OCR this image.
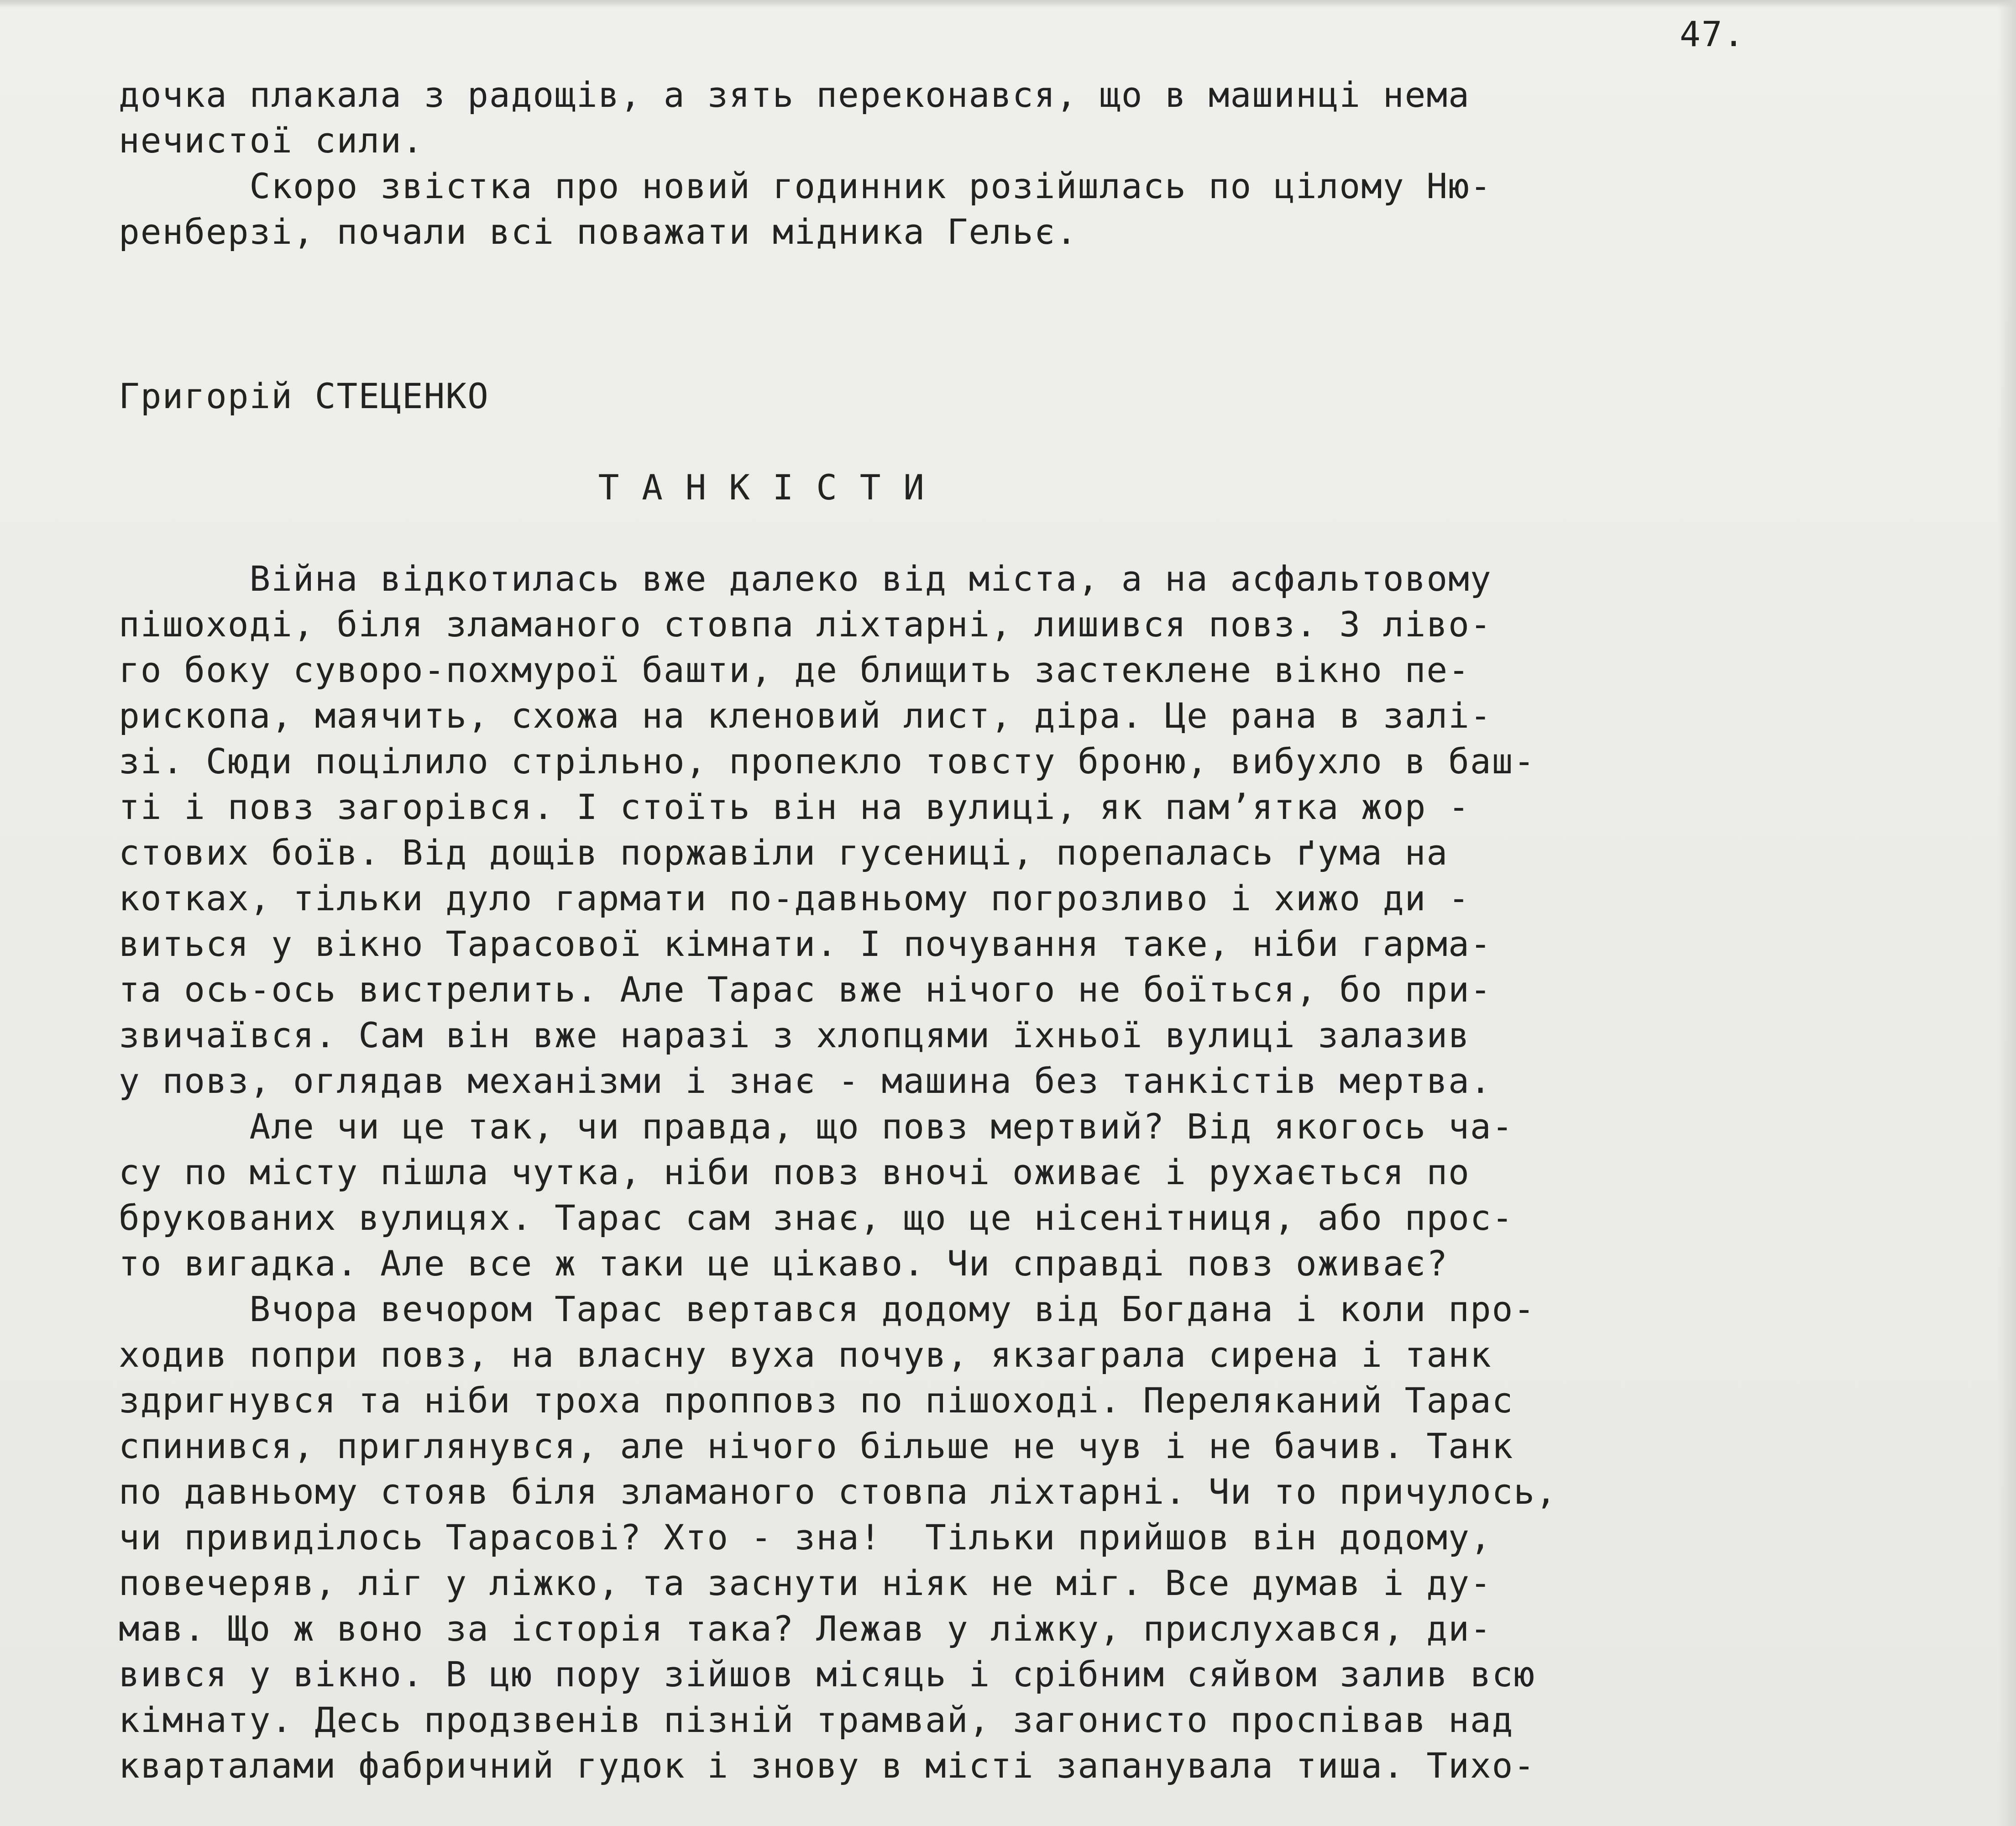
47.
дочка плакала з радощів, а зять переконався, що в машинці нема
нечистої сили.
Скоро звістка про новий годинник розійшлась по цілому Ню-
ренберзі, почали всі поважати мідника Гельє.
Григорій СТЕЦЕНКО
Т А Н К І С Т И
Війна відкотилась вже далеко від міста, а на асфальтовому
пішоході, біля зламаного стовпа ліхтарні, лишився повз. З ліво-
го боку суворо-похмурої башти, де блищить застеклене вікно пе-
рископа, маячить, схожа на кленовий лист, діра. Це рана в залі-
зі. Сюди поцілило стрільно, пропекло товсту броню, вибухло в баш-
ті і повз загорівся. І стоїть він на вулиці, як пам’ятка жор -
стових боїв. Від дощів поржавіли гусениці, порепалась ґума на
котках, тільки дуло гармати по-давньому погрозливо і хижо ди -
виться у вікно Тарасової кімнати. І почування таке, ніби гарма-
та ось-ось вистрелить. Але Тарас вже нічого не боїться, бо при-
звичаївся. Сам він вже наразі з хлопцями їхньої вулиці залазив
у повз, оглядав механізми і знає - машина без танкістів мертва.
Але чи це так, чи правда, що повз мертвий? Від якогось ча-
су по місту пішла чутка, ніби повз вночі оживає і рухається по
брукованих вулицях. Тарас сам знає, що це нісенітниця, або прос-
то вигадка. Але все ж таки це цікаво. Чи справді повз оживає?
Вчора вечором Тарас вертався додому від Богдана і коли про-
ходив попри повз, на власну вуха почув, якзаграла сирена і танк
здригнувся та ніби троха пропповз по пішоході. Переляканий Тарас
спинився, приглянувся, але нічого більше не чув і не бачив. Танк
по давньому стояв біля зламаного стовпа ліхтарні. Чи то причулось,
чи привиділось Тарасові? Хто - зна!  Тільки прийшов він додому,
повечеряв, ліг у ліжко, та заснути ніяк не міг. Все думав і ду-
мав. Що ж воно за історія така? Лежав у ліжку, прислухався, ди-
вився у вікно. В цю пору зійшов місяць і срібним сяйвом залив всю
кімнату. Десь продзвенів пізній трамвай, загонисто проспівав над
кварталами фабричний гудок і знову в місті запанувала тиша. Тихо-
